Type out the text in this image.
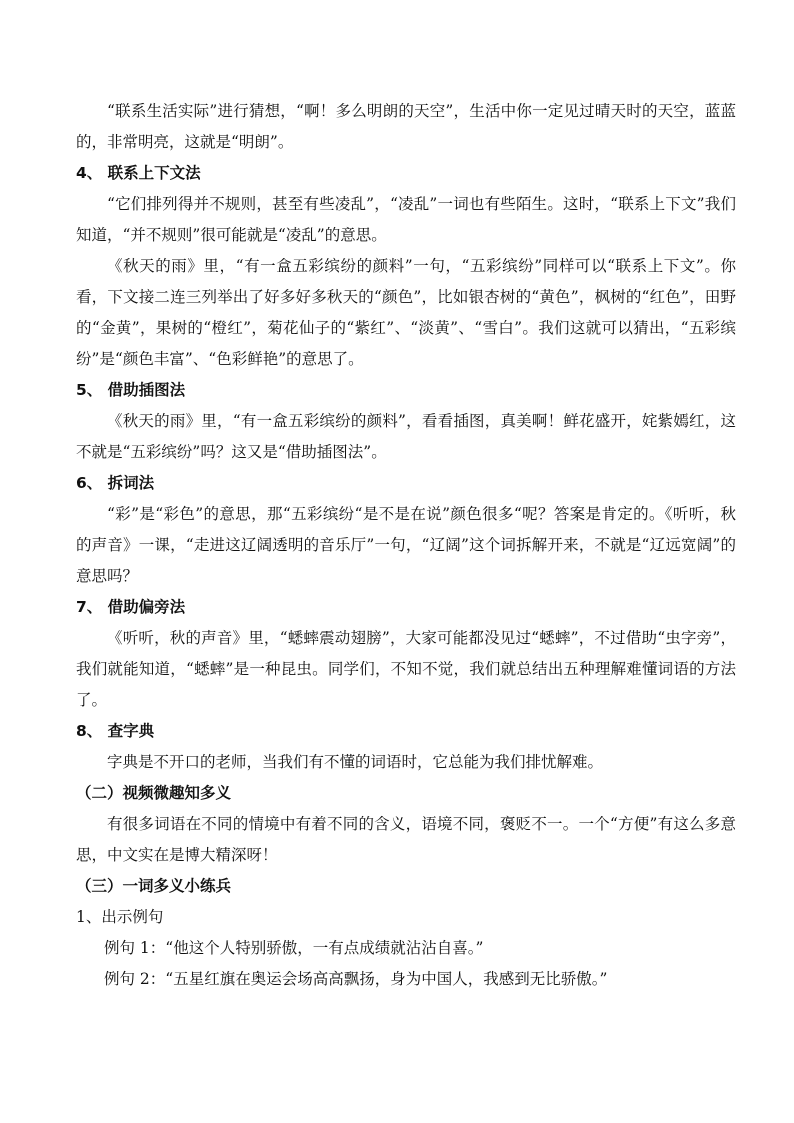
“联系生活实际”进行猜想，“啊！多么明朗的天空”，生活中你一定见过晴天时的天空，蓝蓝的，非常明亮，这就是“明朗”。

4、 联系上下文法

“它们排列得并不规则，甚至有些凌乱”，“凌乱”一词也有些陌生。这时，“联系上下文”我们知道，“并不规则”很可能就是“凌乱”的意思。

《秋天的雨》里，“有一盒五彩缤纷的颜料”一句，“五彩缤纷”同样可以“联系上下文”。你看，下文接二连三列举出了好多好多秋天的“颜色”，比如银杏树的“黄色”，枫树的“红色”，田野的“金黄”，果树的“橙红”，菊花仙子的“紫红”、“淡黄”、“雪白”。我们这就可以猜出，“五彩缤纷”是“颜色丰富”、“色彩鲜艳”的意思了。

5、 借助插图法

《秋天的雨》里，“有一盒五彩缤纷的颜料”，看看插图，真美啊！鲜花盛开，姹紫嫣红，这不就是“五彩缤纷”吗？这又是“借助插图法”。

6、 拆词法

“彩”是“彩色”的意思，那“五彩缤纷“是不是在说”颜色很多“呢？答案是肯定的。《听听，秋的声音》一课，“走进这辽阔透明的音乐厅”一句，“辽阔”这个词拆解开来，不就是“辽远宽阔”的意思吗？

7、 借助偏旁法

《听听，秋的声音》里，“蟋蟀震动翅膀”，大家可能都没见过“蟋蟀”，不过借助“虫字旁”，我们就能知道，“蟋蟀”是一种昆虫。同学们，不知不觉，我们就总结出五种理解难懂词语的方法了。

8、 查字典

字典是不开口的老师，当我们有不懂的词语时，它总能为我们排忧解难。

（二）视频微趣知多义

有很多词语在不同的情境中有着不同的含义，语境不同，褒贬不一。一个“方便”有这么多意思，中文实在是博大精深呀！

（三）一词多义小练兵

1、出示例句

例句 1：“他这个人特别骄傲，一有点成绩就沾沾自喜。”

例句 2：“五星红旗在奥运会场高高飘扬，身为中国人，我感到无比骄傲。”
